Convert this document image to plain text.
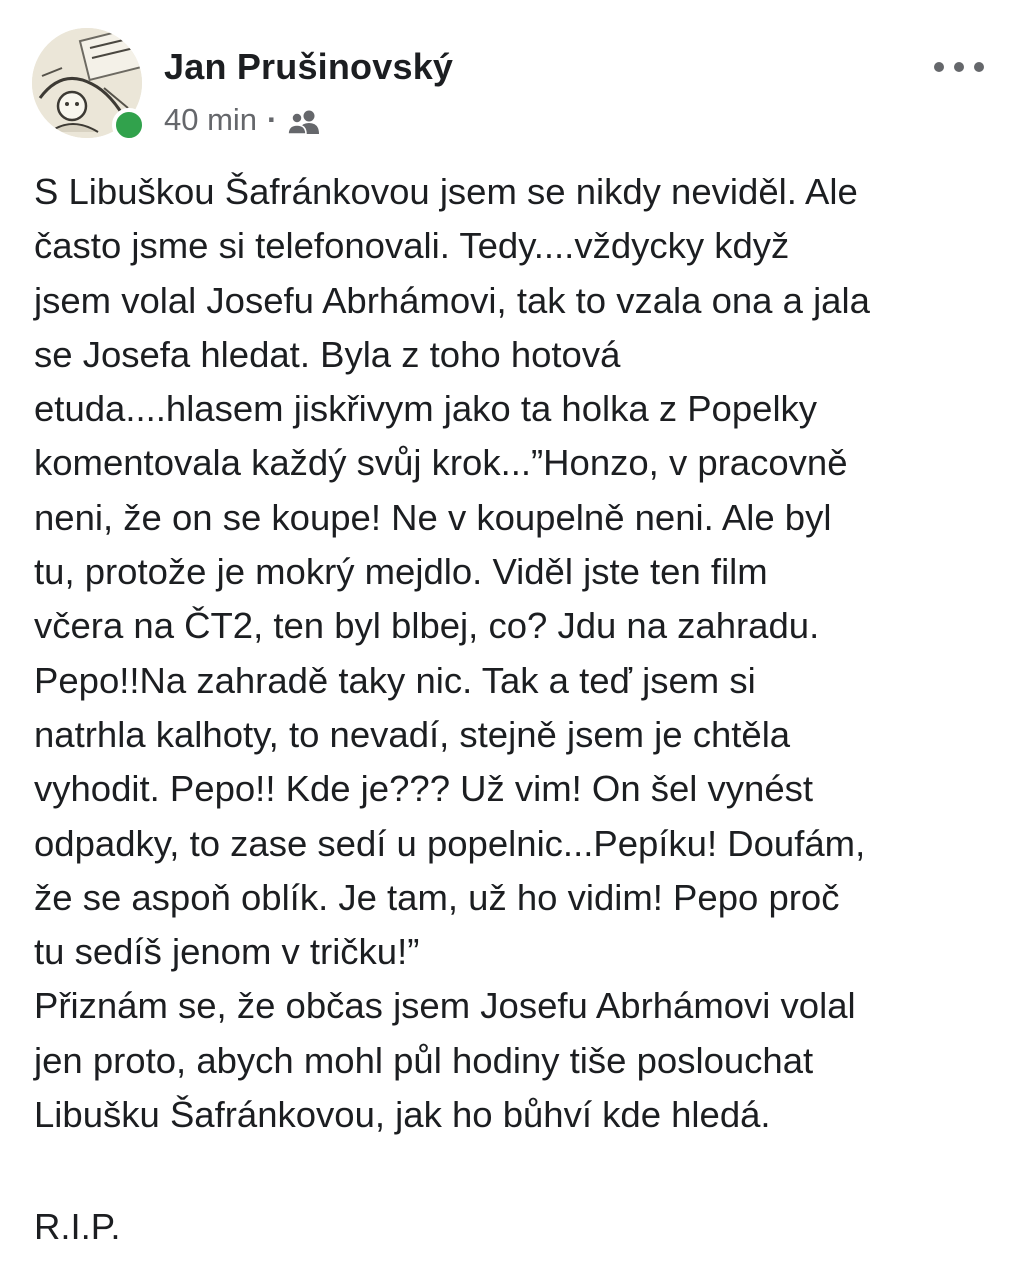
Jan Prušinovský
40 min ·
S Libuškou Šafránkovou jsem se nikdy neviděl. Ale
často jsme si telefonovali. Tedy....vždycky když
jsem volal Josefu Abrhámovi, tak to vzala ona a jala
se Josefa hledat. Byla z toho hotová
etuda....hlasem jiskřivym jako ta holka z Popelky
komentovala každý svůj krok...”Honzo, v pracovně
neni, že on se koupe! Ne v koupelně neni. Ale byl
tu, protože je mokrý mejdlo. Viděl jste ten film
včera na ČT2, ten byl blbej, co? Jdu na zahradu.
Pepo!!Na zahradě taky nic. Tak a teď jsem si
natrhla kalhoty, to nevadí, stejně jsem je chtěla
vyhodit. Pepo!! Kde je??? Už vim! On šel vynést
odpadky, to zase sedí u popelnic...Pepíku! Doufám,
že se aspoň oblík. Je tam, už ho vidim! Pepo proč
tu sedíš jenom v tričku!”
Přiznám se, že občas jsem Josefu Abrhámovi volal
jen proto, abych mohl půl hodiny tiše poslouchat
Libušku Šafránkovou, jak ho bůhví kde hledá.
R.I.P.
